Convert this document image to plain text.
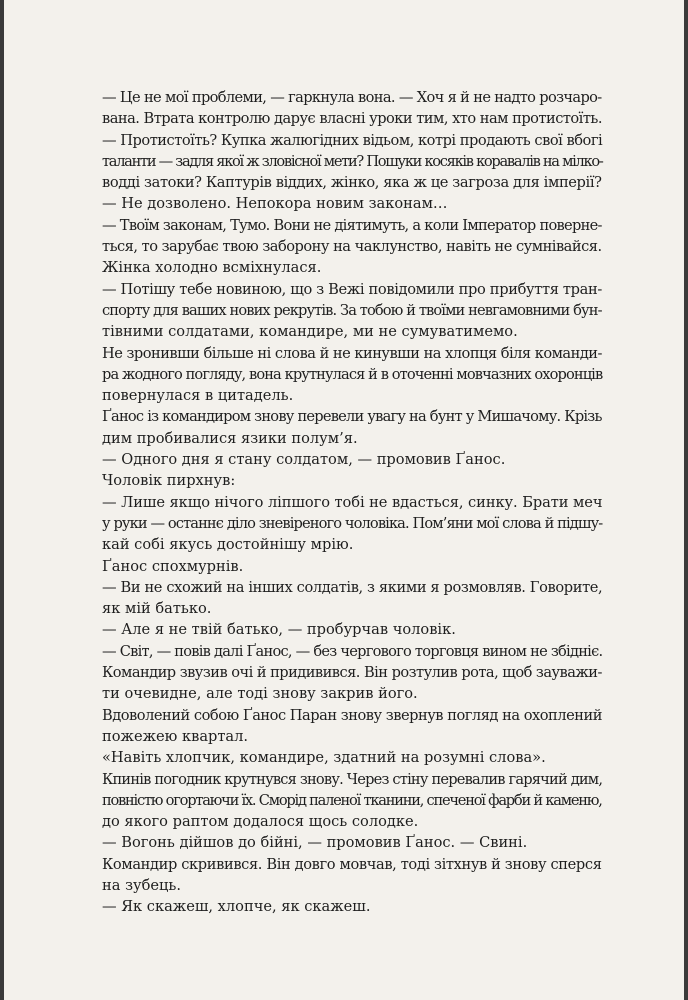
— Це не мої проблеми, — гаркнула вона. — Хоч я й не надто розчаро-
вана. Втрата контролю дарує власні уроки тим, хто нам протистоїть.

— Протистоїть? Купка жалюгідних відьом, котрі продають свої вбогі
таланти — задля якої ж зловісної мети? Пошуки косяків коравалів на мілко-
водді затоки? Каптурів віддих, жінко, яка ж це загроза для імперії?

— Не дозволено. Непокора новим законам…

— Твоїм законам, Тумо. Вони не діятимуть, а коли Імператор поверне-
ться, то зарубає твою заборону на чаклунство, навіть не сумнівайся.

Жінка холодно всміхнулася.

— Потішу тебе новиною, що з Вежі повідомили про прибуття тран-
спорту для ваших нових рекрутів. За тобою й твоїми невгамовними бун-
тівними солдатами, командире, ми не сумуватимемо.

Не зронивши більше ні слова й не кинувши на хлопця біля команди-
ра жодного погляду, вона крутнулася й в оточенні мовчазних охоронців
повернулася в цитадель.

Ґанос із командиром знову перевели увагу на бунт у Мишачому. Крізь
дим пробивалися язики полум’я.

— Одного дня я стану солдатом, — промовив Ґанос.

Чоловік пирхнув:

— Лише якщо нічого ліпшого тобі не вдасться, синку. Брати меч
у руки — останнє діло зневіреного чоловіка. Пом’яни мої слова й підшу-
кай собі якусь достойнішу мрію.

Ґанос спохмурнів.

— Ви не схожий на інших солдатів, з якими я розмовляв. Говорите,
як мій батько.

— Але я не твій батько, — пробурчав чоловік.

— Світ, — повів далі Ґанос, — без чергового торговця вином не збідніє.

Командир звузив очі й придивився. Він розтулив рота, щоб зауважи-
ти очевидне, але тоді знову закрив його.

Вдоволений собою Ґанос Паран знову звернув погляд на охоплений
пожежею квартал.

«Навіть хлопчик, командире, здатний на розумні слова».

Кпинів погодник крутнувся знову. Через стіну перевалив гарячий дим,
повністю огортаючи їх. Сморід паленої тканини, спеченої фарби й каменю,
до якого раптом додалося щось солодке.

— Вогонь дійшов до бійні, — промовив Ґанос. — Свині.

Командир скривився. Він довго мовчав, тоді зітхнув й знову сперся
на зубець.

— Як скажеш, хлопче, як скажеш.
